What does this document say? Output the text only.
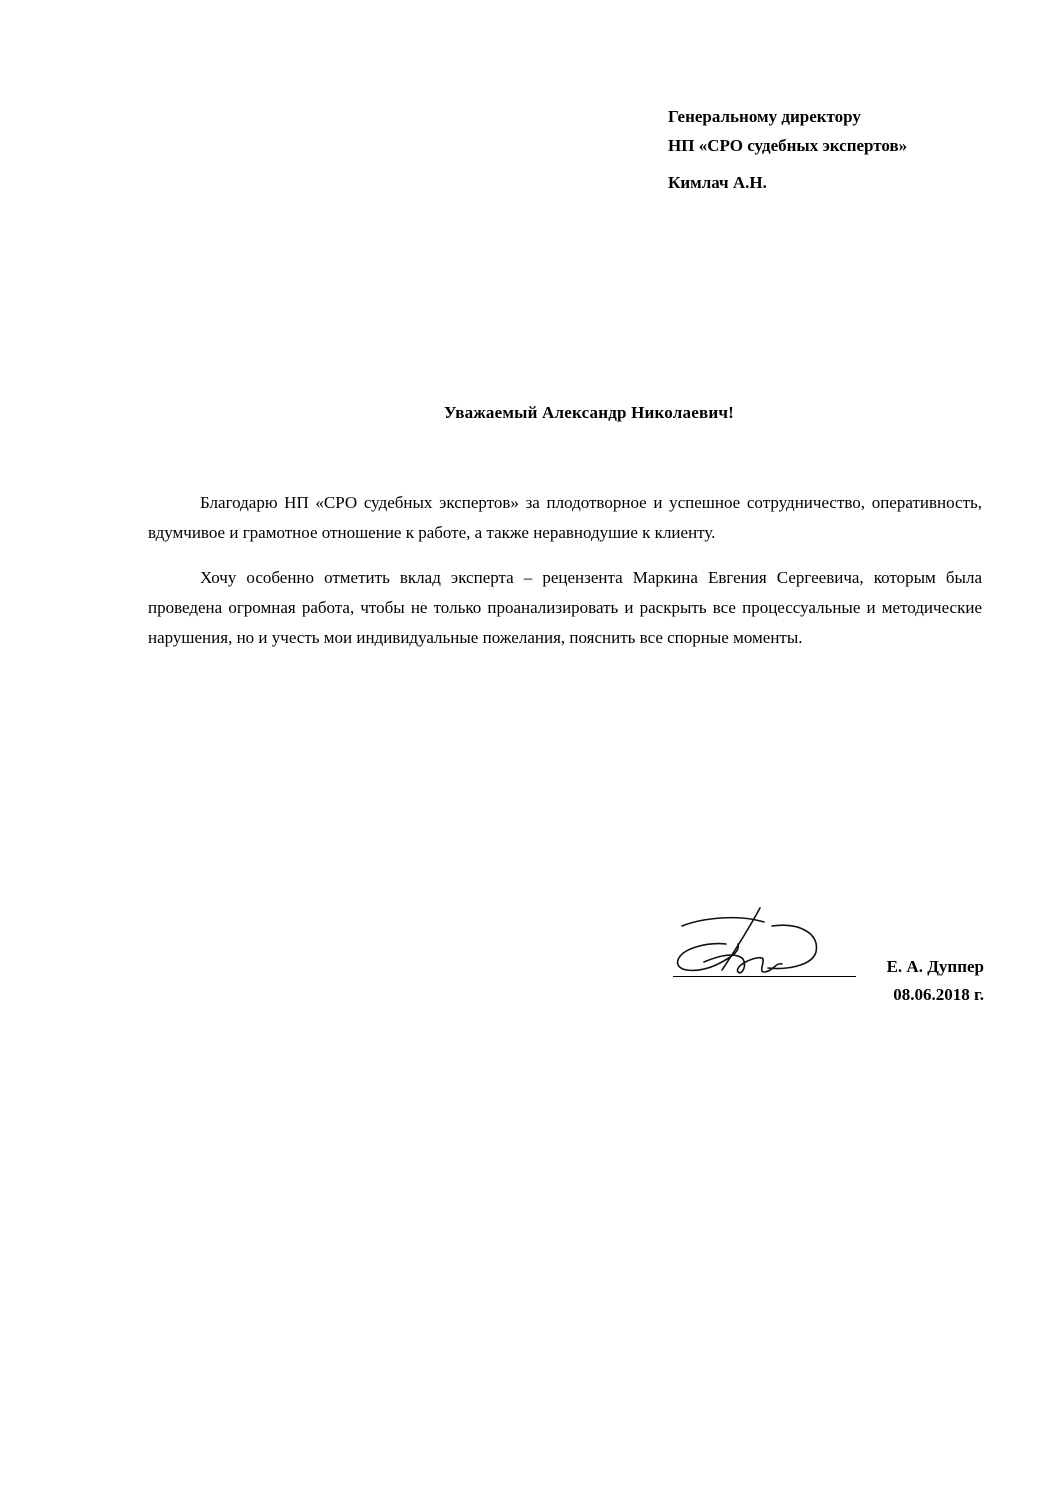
Генеральному директору
НП «СРО судебных экспертов»
Кимлач А.Н.
Уважаемый Александр Николаевич!

Благодарю НП «СРО судебных экспертов» за плодотворное и успешное сотрудничество, оперативность, вдумчивое и грамотное отношение к работе, а также неравнодушие к клиенту.

Хочу особенно отметить вклад эксперта – рецензента Маркина Евгения Сергеевича, которым была проведена огромная работа, чтобы не только проанализировать и раскрыть все процессуальные и методические нарушения, но и учесть мои индивидуальные пожелания, пояснить все спорные моменты.

Е. А. Дуппер
08.06.2018 г.
